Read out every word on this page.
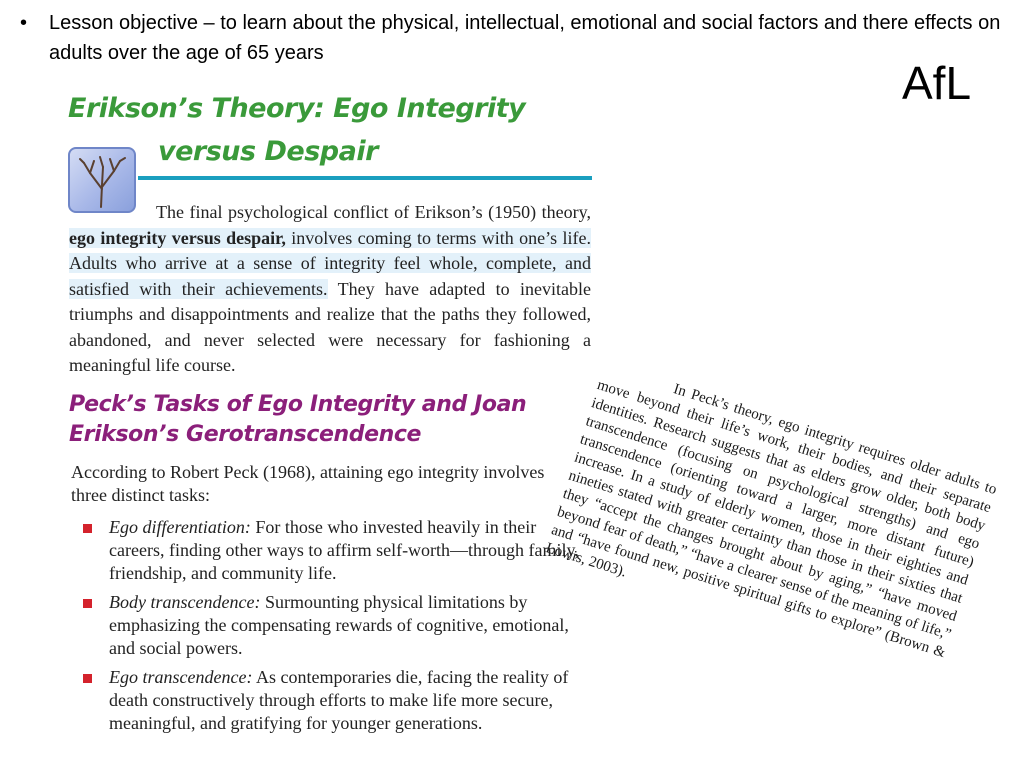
• Lesson objective – to learn about the physical, intellectual, emotional and social factors and there effects on adults over the age of 65 years
AfL
Erikson’s Theory: Ego Integrity
versus Despair
The final psychological conflict of Erikson’s (1950) theory, ego integrity versus despair, involves coming to terms with one’s life. Adults who arrive at a sense of integrity feel whole, complete, and satisfied with their achievements. They have adapted to inevitable triumphs and disappointments and realize that the paths they followed, abandoned, and never selected were necessary for fashioning a meaningful life course.
Peck’s Tasks of Ego Integrity and Joan
Erikson’s Gerotranscendence
According to Robert Peck (1968), attaining ego integrity involves three distinct tasks:
Ego differentiation: For those who invested heavily in their careers, finding other ways to affirm self-worth—through family, friendship, and community life.
Body transcendence: Surmounting physical limitations by emphasizing the compensating rewards of cognitive, emotional, and social powers.
Ego transcendence: As contemporaries die, facing the reality of death constructively through efforts to make life more secure, meaningful, and gratifying for younger generations.
In Peck’s theory, ego integrity requires older adults to move beyond their life’s work, their bodies, and their separate identities. Research suggests that as elders grow older, both body transcendence (focusing on psychological strengths) and ego transcendence (orienting toward a larger, more distant future) increase. In a study of elderly women, those in their eighties and nineties stated with greater certainty than those in their sixties that they “accept the changes brought about by aging,” “have moved beyond fear of death,” “have a clearer sense of the meaning of life,” and “have found new, positive spiritual gifts to explore” (Brown & Lowis, 2003).
